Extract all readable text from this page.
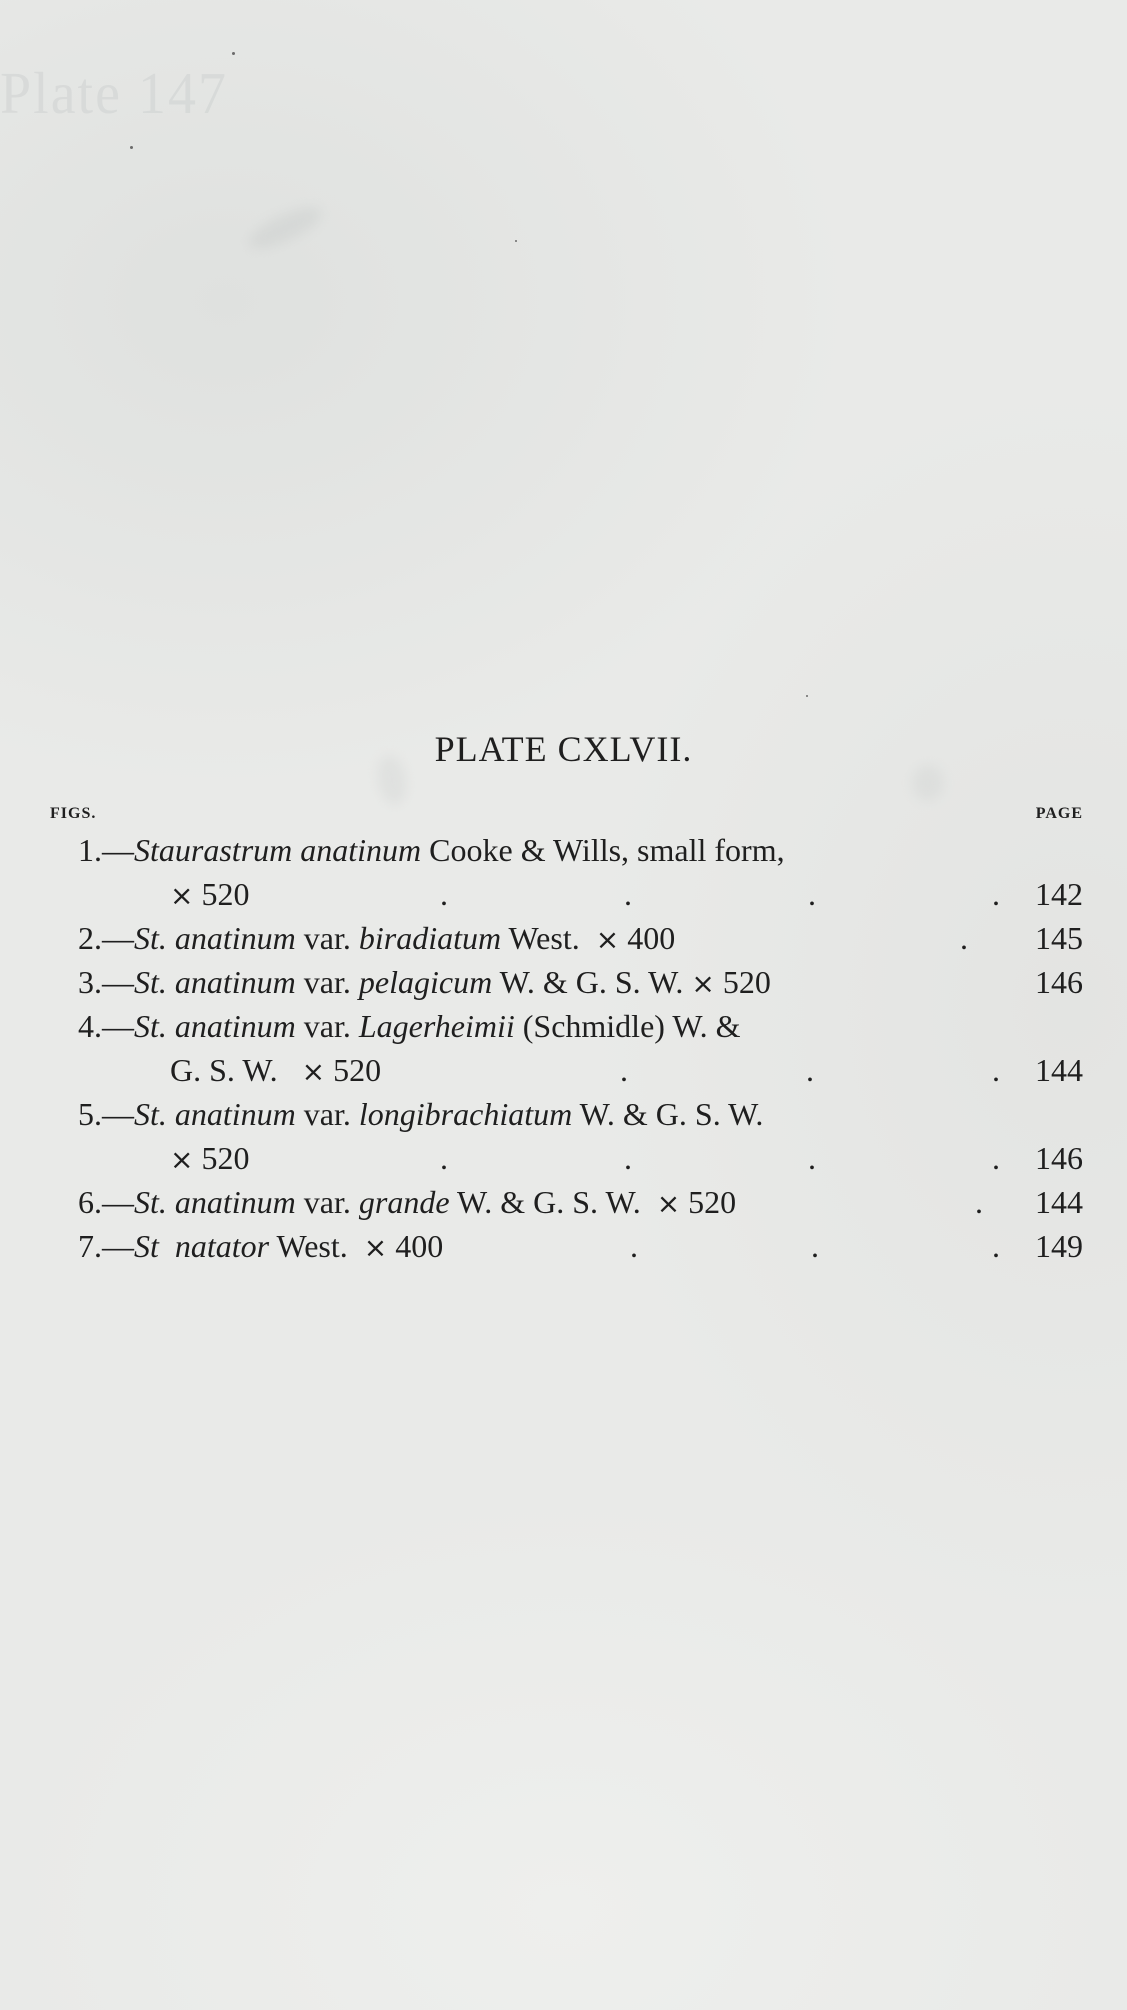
Plate 147
PLATE CXLVII.
FIGS.	PAGE
1.—Staurastrum anatinum Cooke & Wills, small form,
× 520	.	.	.	. 142
2.—St. anatinum var. biradiatum West. × 400	. 145
3.—St. anatinum var. pelagicum W. & G. S. W. × 520	146
4.—St. anatinum var. Lagerheimii (Schmidle) W. &
G. S. W. × 520	.	.	. 144
5.—St. anatinum var. longibrachiatum W. & G. S. W.
× 520	.	.	.	. 146
6.—St. anatinum var. grande W. & G. S. W. × 520	. 144
7.—St natator West. × 400	.	.	. 149
